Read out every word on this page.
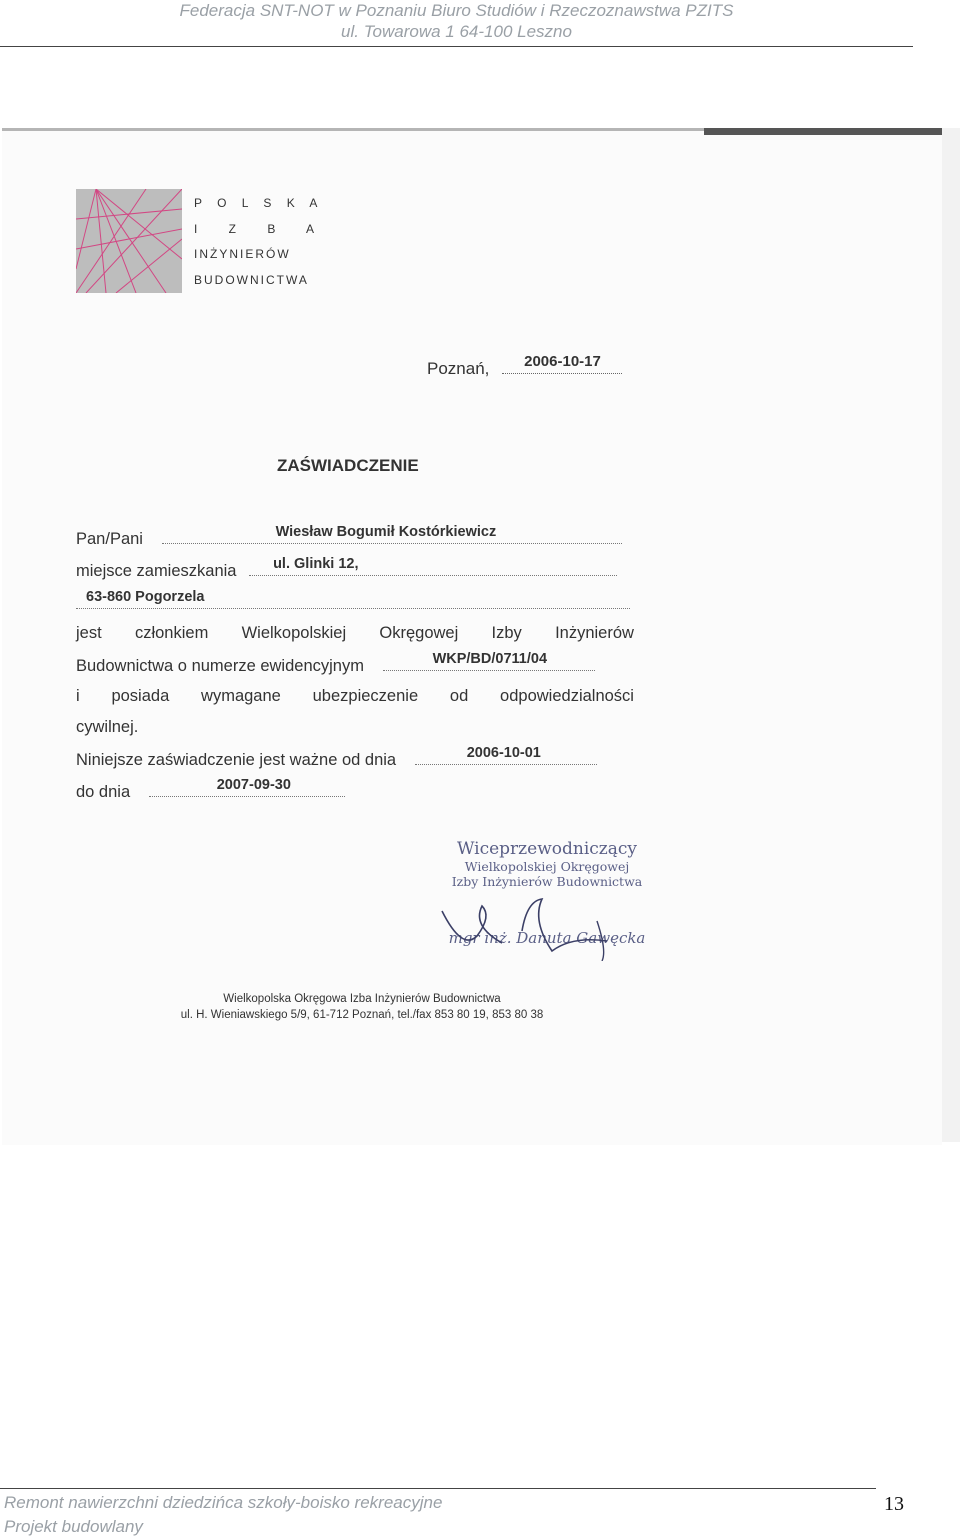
Federacja SNT-NOT w Poznaniu Biuro Studiów i Rzeczoznawstwa PZITS
ul. Towarowa 1 64-100 Leszno
P O L S K A
I Z B A
INŻYNIERÓW
BUDOWNICTWA
Poznań, 2006-10-17
ZAŚWIADCZENIE
Pan/Pani	Wiesław Bogumił Kostórkiewicz
miejsce zamieszkania	ul. Glinki 12,
63-860 Pogorzela
jest członkiem Wielkopolskiej Okręgowej Izby Inżynierów
Budownictwa o numerze ewidencyjnym	WKP/BD/0711/04
i posiada wymagane ubezpieczenie od odpowiedzialności
cywilnej.
Niniejsze zaświadczenie jest ważne od dnia	2006-10-01
do dnia	2007-09-30
Wiceprzewodniczący
Wielkopolskiej Okręgowej
Izby Inżynierów Budownictwa
mgr inż. Danuta Gawęcka
Wielkopolska Okręgowa Izba Inżynierów Budownictwa
ul. H. Wieniawskiego 5/9, 61-712 Poznań, tel./fax 853 80 19, 853 80 38
Remont nawierzchni dziedzińca szkoły-boisko rekreacyjne
Projekt budowlany
13
